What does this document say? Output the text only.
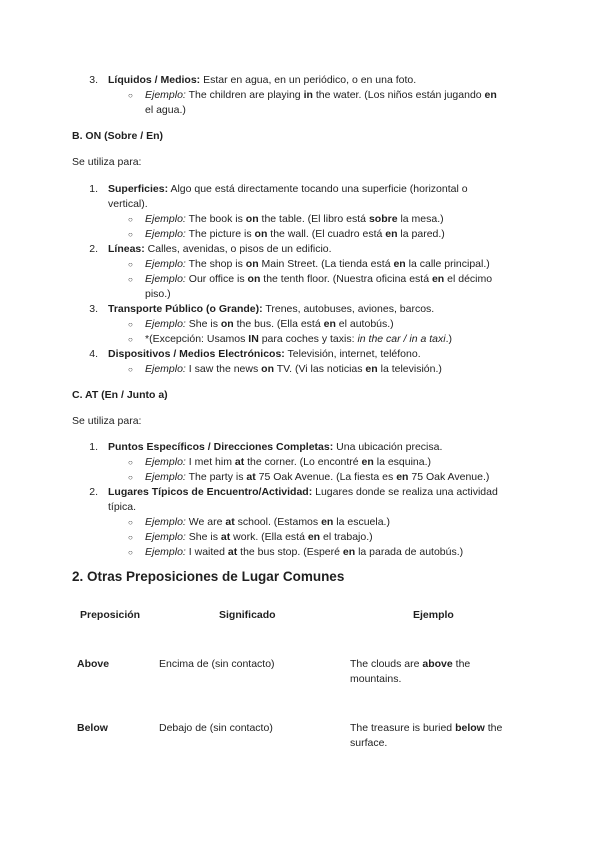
3. Líquidos / Medios: Estar en agua, en un periódico, o en una foto.
○ Ejemplo: The children are playing in the water. (Los niños están jugando en
el agua.)
B. ON (Sobre / En)
Se utiliza para:
1. Superficies: Algo que está directamente tocando una superficie (horizontal o vertical).
○ Ejemplo: The book is on the table. (El libro está sobre la mesa.)
○ Ejemplo: The picture is on the wall. (El cuadro está en la pared.)
2. Líneas: Calles, avenidas, o pisos de un edificio.
○ Ejemplo: The shop is on Main Street. (La tienda está en la calle principal.)
○ Ejemplo: Our office is on the tenth floor. (Nuestra oficina está en el décimo
piso.)
3. Transporte Público (o Grande): Trenes, autobuses, aviones, barcos.
○ Ejemplo: She is on the bus. (Ella está en el autobús.)
○ *(Excepción: Usamos IN para coches y taxis: in the car / in a taxi.)
4. Dispositivos / Medios Electrónicos: Televisión, internet, teléfono.
○ Ejemplo: I saw the news on TV. (Vi las noticias en la televisión.)
C. AT (En / Junto a)
Se utiliza para:
1. Puntos Específicos / Direcciones Completas: Una ubicación precisa.
○ Ejemplo: I met him at the corner. (Lo encontré en la esquina.)
○ Ejemplo: The party is at 75 Oak Avenue. (La fiesta es en 75 Oak Avenue.)
2. Lugares Típicos de Encuentro/Actividad: Lugares donde se realiza una actividad típica.
○ Ejemplo: We are at school. (Estamos en la escuela.)
○ Ejemplo: She is at work. (Ella está en el trabajo.)
○ Ejemplo: I waited at the bus stop. (Esperé en la parada de autobús.)
2. Otras Preposiciones de Lugar Comunes
Preposición	Significado	Ejemplo
Above	Encima de (sin contacto)	The clouds are above the
mountains.
Below	Debajo de (sin contacto)	The treasure is buried below the
surface.
